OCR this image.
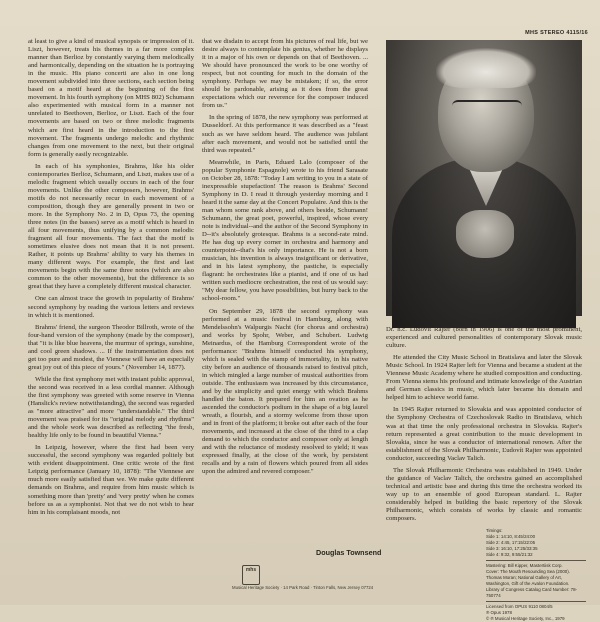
MHS STEREO 4115/16

at least to give a kind of musical synopsis or impression of it. Liszt, however, treats his themes in a far more complex manner than Berlioz by constantly varying them melodically and harmonically, depending on the situation he is portraying in the music. His piano concerti are also in one long movement subdivided into three sections, each section being based on a motif heard at the beginning of the first movement. In his fourth symphony (on MHS 802) Schumann also experimented with musical form in a manner not unrelated to Beethoven, Berlioz, or Liszt. Each of the four movements are based on two or three melodic fragments which are first heard in the introduction to the first movement. The fragments undergo melodic and rhythmic changes from one movement to the next, but their original form is generally easily recognizable.

In each of his symphonies, Brahms, like his older contemporaries Berlioz, Schumann, and Liszt, makes use of a melodic fragment which usually occurs in each of the four movements. Unlike the other composers, however, Brahms' motifs do not necessarily recur in each movement of a composition, though they are generally present in two or more. In the Symphony No. 2 in D, Opus 73, the opening three notes (in the basses) serve as a motif which is heard in all four movements, thus unifying by a common melodic fragment all four movements. The fact that the motif is sometimes elusive does not mean that it is not present. Rather, it points up Brahms' ability to vary his themes in many different ways. For example, the first and last movements begin with the same three notes (which are also common to the other movements), but the difference is so great that they have a completely different musical character.

One can almost trace the growth in popularity of Brahms' second symphony by reading the various letters and reviews in which it is mentioned.

Brahms' friend, the surgeon Theodor Billroth, wrote of the four-hand version of the symphony (made by the composer), that "it is like blue heavens, the murmur of springs, sunshine, and cool green shadows. ... If the instrumentation does not get too pure and modest, the Viennese will have an especially great joy out of this piece of yours." (November 14, 1877).

While the first symphony met with instant public approval, the second was received in a less cordial manner. Although the first symphony was greeted with some reserve in Vienna (Hanslick's review notwithstanding), the second was regarded as "more attractive" and more "understandable." The third movement was praised for its "original melody and rhythms" and the whole work was described as reflecting "the fresh, healthy life only to be found in beautiful Vienna."

In Leipzig, however, where the first had been very successful, the second symphony was regarded politely but with evident disappointment. One critic wrote of the first Leipzig performance (January 10, 1878): "The Viennese are much more easily satisfied than we. We make quite different demands on Brahms, and require from him music which is something more than 'pretty' and 'very pretty' when he comes before us as a symphonist. Not that we do not wish to hear him in his complaisant moods, not

that we disdain to accept from his pictures of real life, but we desire always to contemplate his genius, whether he displays it in a major of his own or depends on that of Beethoven. ... We should have pronounced the work to be one worthy of respect, but not counting for much in the domain of the symphony. Perhaps we may be mistaken; if so, the error should be pardonable, arising as it does from the great expectations which our reverence for the composer induced from us."

In the spring of 1878, the new symphony was performed at Dusseldorf. At this performance it was described as a "feast such as we have seldom heard. The audience was jubilant after each movement, and would not be satisfied until the third was repeated."

Meanwhile, in Paris, Eduard Lalo (composer of the popular Symphonie Espagnole) wrote to his friend Sarasate on October 28, 1878: "Today I am writing to you in a state of inexpressible stupefaction! The reason is Brahms' Second Symphony in D. I read it through yesterday morning and I heard it the same day at the Concert Populaire. And this is the man whom some rank above, and others beside, Schumann! Schumann, the great poet, powerful, inspired, whose every note is individual--and the author of the Second Symphony in D--it's absolutely grotesque. Brahms is a second-rate mind. He has dug up every corner in orchestra and harmony and counterpoint--that's his only importance. He is not a born musician, his invention is always insignificant or derivative, and in his latest symphony, the pastiche, is especially flagrant: he orchestrates like a pianist, and if one of us had written such mediocre orchestration, the rest of us would say: "My dear fellow, you have possibilities, but hurry back to the school-room."

On September 29, 1878 the second symphony was performed at a music festival in Hamburg, along with Mendelssohn's Walpurgis Nacht (for chorus and orchestra) and works by Spohr, Weber, and Schubert. Ludwig Meinardus, of the Hamburg Correspondent wrote of the performance: "Brahms himself conducted his symphony, which is sealed with the stamp of immortality, in his native city before an audience of thousands raised to festival pitch, in which mingled a large number of musical authorities from outside. The enthusiasm was increased by this circumstance, and by the simplicity and quiet energy with which Brahms handled the baton. It prepared for him an ovation as he ascended the conductor's podium in the shape of a big laurel wreath, a flourish, and a stormy welcome from those upon and in front of the platform; it broke out after each of the four movements, and increased at the close of the third to a clap demand to which the conductor and composer only at length and with the reluctance of modesty resolved to yield; it was expressed finally, at the close of the work, by persistent recalls and by a rain of flowers which poured from all sides upon the admired and revered composer."

Douglas Townsend
mhs
Musical Heritage Society · 14 Park Road · Tinton Falls, New Jersey 07724

Dr. h.c. Ľudovít Rajter (born in 1906) is one of the most prominent, experienced and cultured personalities of contemporary Slovak music culture.

He attended the City Music School in Bratislava and later the Slovak Music School. In 1924 Rajter left for Vienna and became a student at the Viennese Music Academy where he studied composition and conducting. From Vienna stems his profound and intimate knowledge of the Austrian and German classics in music, which later became his domain and helped him to achieve world fame.

In 1945 Rajter returned to Slovakia and was appointed conductor of the Symphony Orchestra of Czechoslovak Radio in Bratislava, which was at that time the only professional orchestra in Slovakia. Rajter's return represented a great contribution to the music development in Slovakia, since he was a conductor of international renown. After the establishment of the Slovak Philharmonic, Ľudovít Rajter was appointed conductor, succeeding Vaclav Talich.

The Slovak Philharmonic Orchestra was established in 1949. Under the guidance of Vaclav Talich, the orchestra gained an accomplished technical and artistic base and during this time the orchestra worked its way up to an ensemble of good European standard. L. Rajter considerably helped in building the basic repertory of the Slovak Philharmonic, which consists of works by classic and romantic composers.

Timings:
Side 1: 14:10, 8:45/24:00
Side 2: 4:45, 17:15/22:05
Side 3: 16:10, 17:25/33:35
Side 4: 9:32, 9:55/21:32
Mastering: Bill Kipper, Mastertiisk Corp.
Cover: The Mouth Resounding Sea (2000). Thomas Moran; National Gallery of Art, Washington, Gift of the Avalon Foundation.
Library of Congress Catalog Card Number: 78-750774
Licensed from OPUS 9110 0804/5
℗ Opus 1978
© ℗ Musical Heritage Society, Inc., 1979
